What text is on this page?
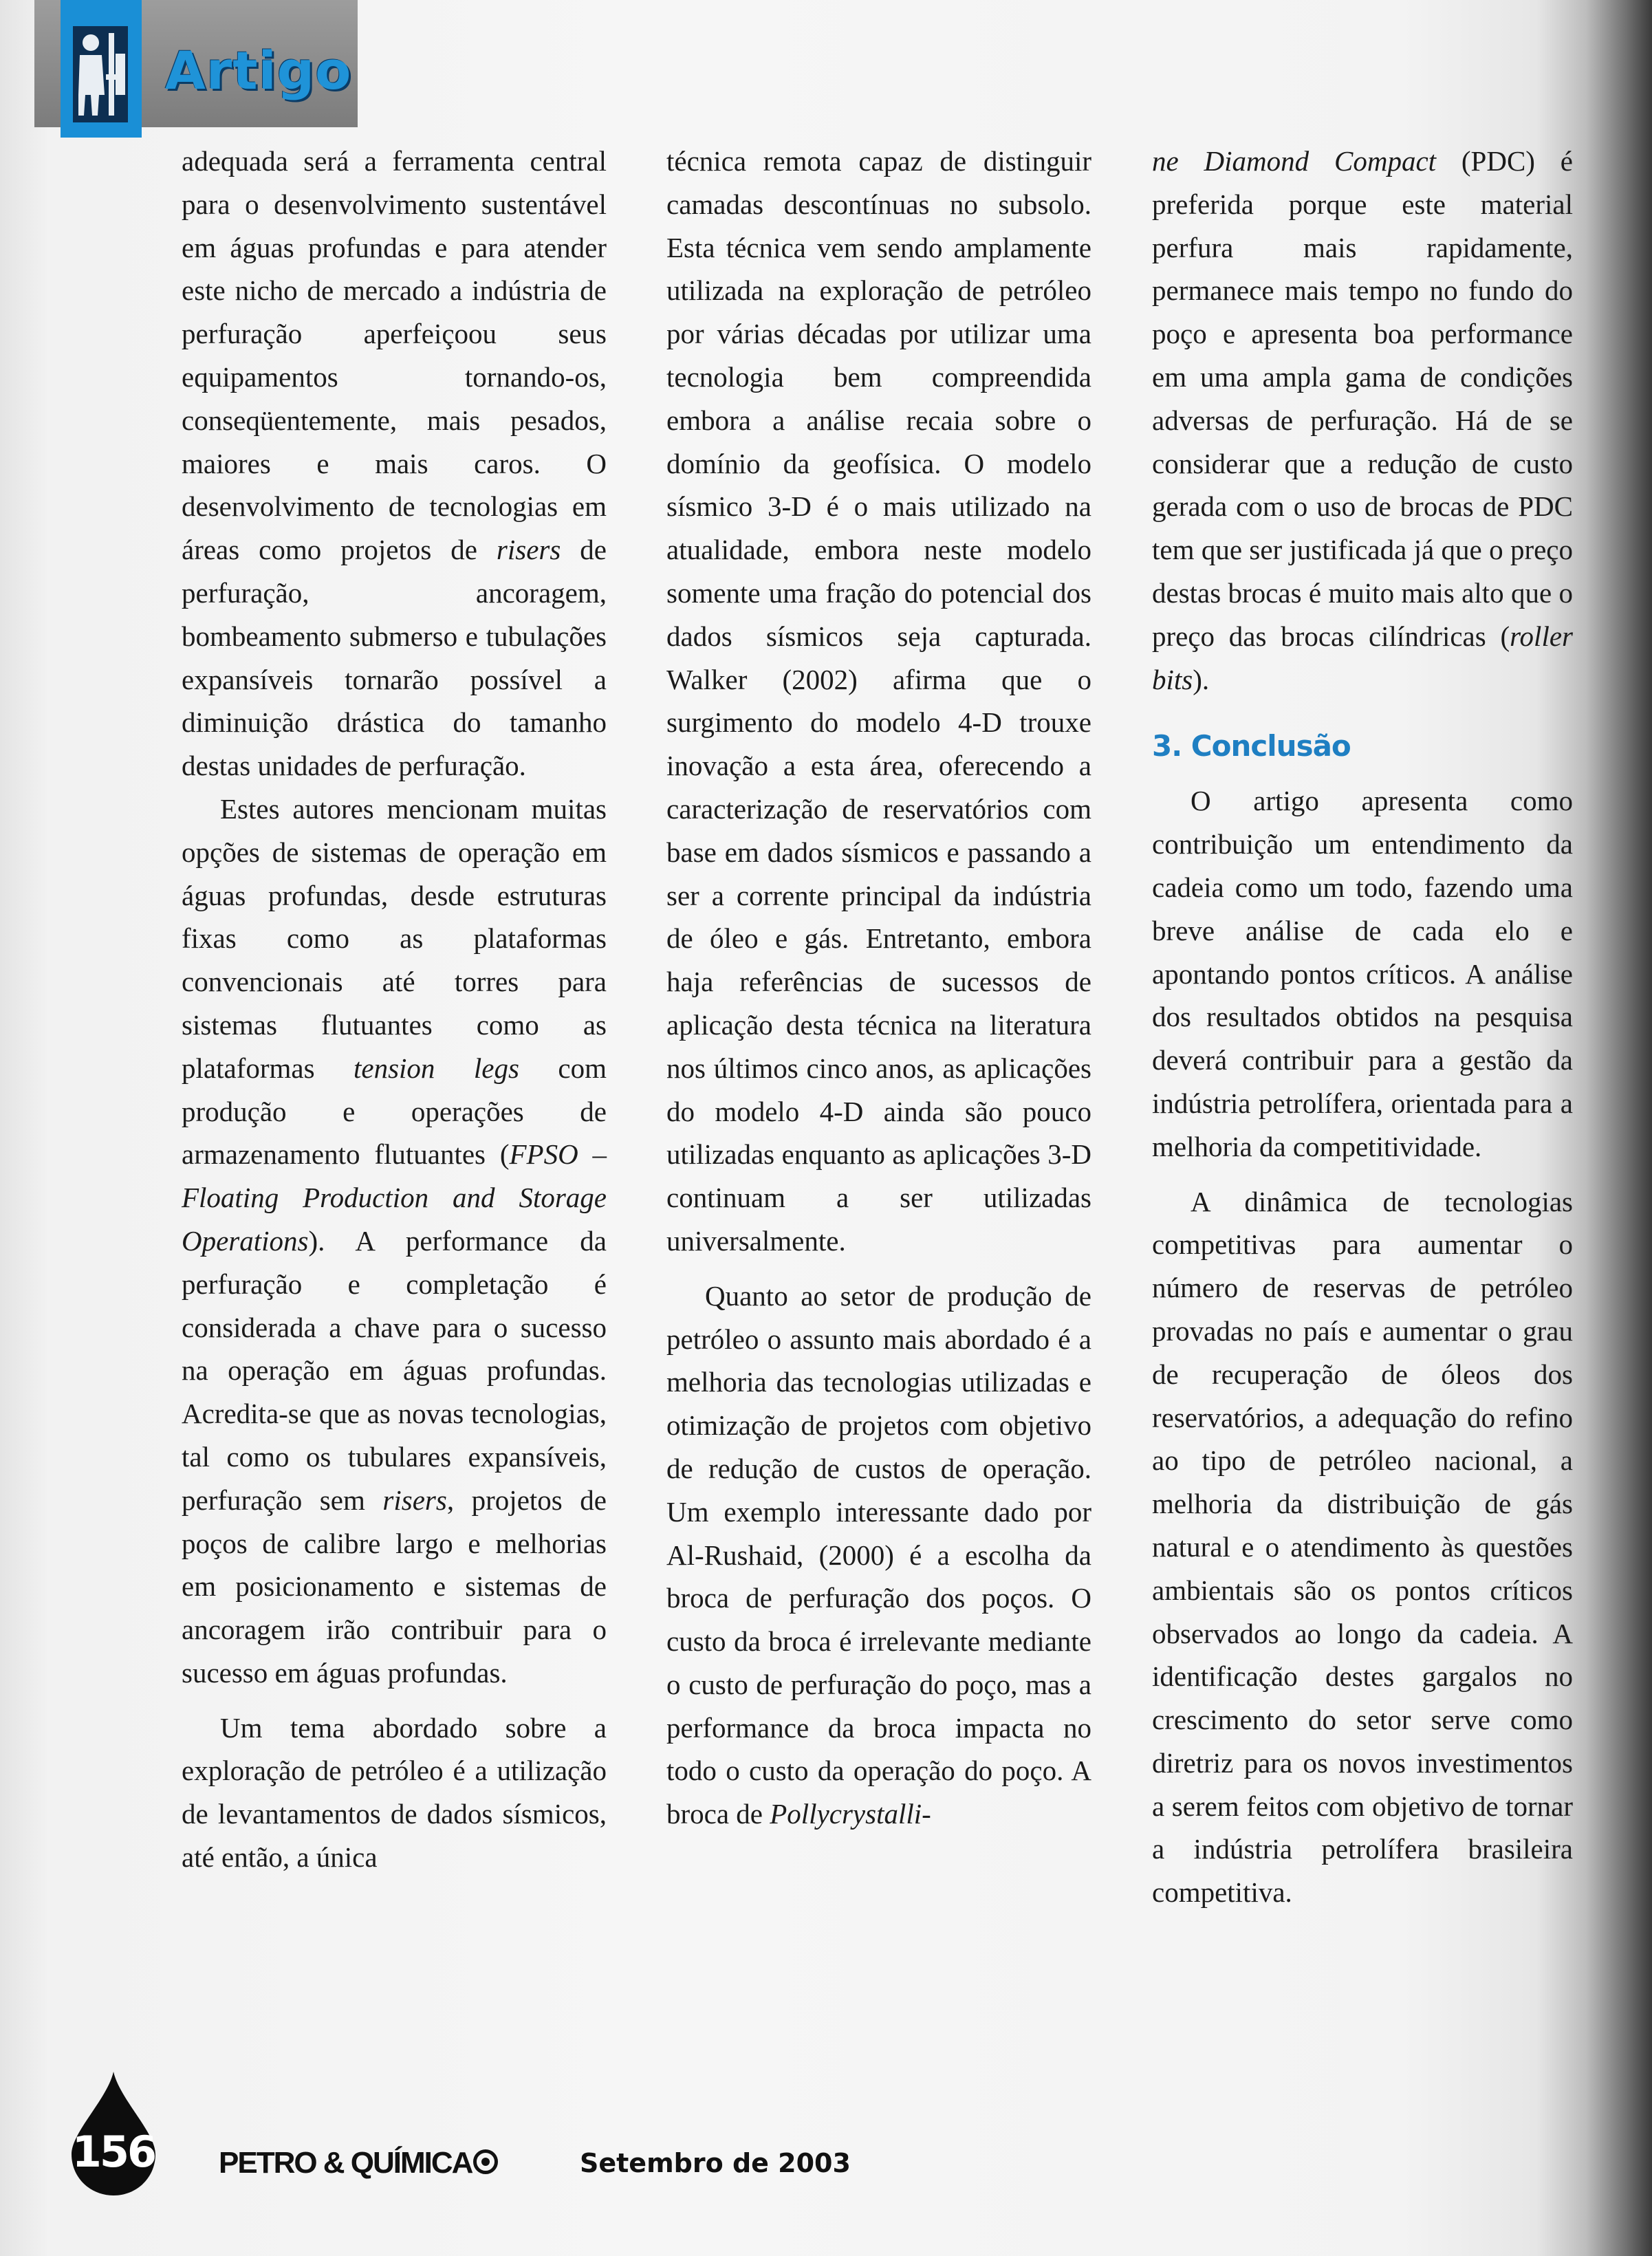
Artigo

adequada será a ferramenta central para o desenvolvimento sustentável em águas profundas e para atender este nicho de mercado a indústria de perfuração aperfeiçoou seus equipamentos tornando-os, conseqüentemente, mais pesados, maiores e mais caros. O desenvolvimento de tecnologias em áreas como projetos de risers de perfuração, ancoragem, bombeamento submerso e tubulações expansíveis tornarão possível a diminuição drástica do tamanho destas unidades de perfuração.

Estes autores mencionam muitas opções de sistemas de operação em águas profundas, desde estruturas fixas como as plataformas convencionais até torres para sistemas flutuantes como as plataformas tension legs com produção e operações de armazenamento flutuantes (FPSO – Floating Production and Storage Operations). A performance da perfuração e completação é considerada a chave para o sucesso na operação em águas profundas. Acredita-se que as novas tecnologias, tal como os tubulares expansíveis, perfuração sem risers, projetos de poços de calibre largo e melhorias em posicionamento e sistemas de ancoragem irão contribuir para o sucesso em águas profundas.

Um tema abordado sobre a exploração de petróleo é a utilização de levantamentos de dados sísmicos, até então, a única

técnica remota capaz de distinguir camadas descontínuas no subsolo. Esta técnica vem sendo amplamente utilizada na exploração de petróleo por várias décadas por utilizar uma tecnologia bem compreendida embora a análise recaia sobre o domínio da geofísica. O modelo sísmico 3-D é o mais utilizado na atualidade, embora neste modelo somente uma fração do potencial dos dados sísmicos seja capturada. Walker (2002) afirma que o surgimento do modelo 4-D trouxe inovação a esta área, oferecendo a caracterização de reservatórios com base em dados sísmicos e passando a ser a corrente principal da indústria de óleo e gás. Entretanto, embora haja referências de sucessos de aplicação desta técnica na literatura nos últimos cinco anos, as aplicações do modelo 4-D ainda são pouco utilizadas enquanto as aplicações 3-D continuam a ser utilizadas universalmente.

Quanto ao setor de produção de petróleo o assunto mais abordado é a melhoria das tecnologias utilizadas e otimização de projetos com objetivo de redução de custos de operação. Um exemplo interessante dado por Al-Rushaid, (2000) é a escolha da broca de perfuração dos poços. O custo da broca é irrelevante mediante o custo de perfuração do poço, mas a performance da broca impacta no todo o custo da operação do poço. A broca de Pollycrystalli-

ne Diamond Compact (PDC) é preferida porque este material perfura mais rapidamente, permanece mais tempo no fundo do poço e apresenta boa performance em uma ampla gama de condições adversas de perfuração. Há de se considerar que a redução de custo gerada com o uso de brocas de PDC tem que ser justificada já que o preço destas brocas é muito mais alto que o preço das brocas cilíndricas (roller bits).

3. Conclusão

O artigo apresenta como contribuição um entendimento da cadeia como um todo, fazendo uma breve análise de cada elo e apontando pontos críticos. A análise dos resultados obtidos na pesquisa deverá contribuir para a gestão da indústria petrolífera, orientada para a melhoria da competitividade.

A dinâmica de tecnologias competitivas para aumentar o número de reservas de petróleo provadas no país e aumentar o grau de recuperação de óleos dos reservatórios, a adequação do refino ao tipo de petróleo nacional, a melhoria da distribuição de gás natural e o atendimento às questões ambientais são os pontos críticos observados ao longo da cadeia. A identificação destes gargalos no crescimento do setor serve como diretriz para os novos investimentos a serem feitos com objetivo de tornar a indústria petrolífera brasileira competitiva.

156 PETRO & QUÍMICA	Setembro de 2003
